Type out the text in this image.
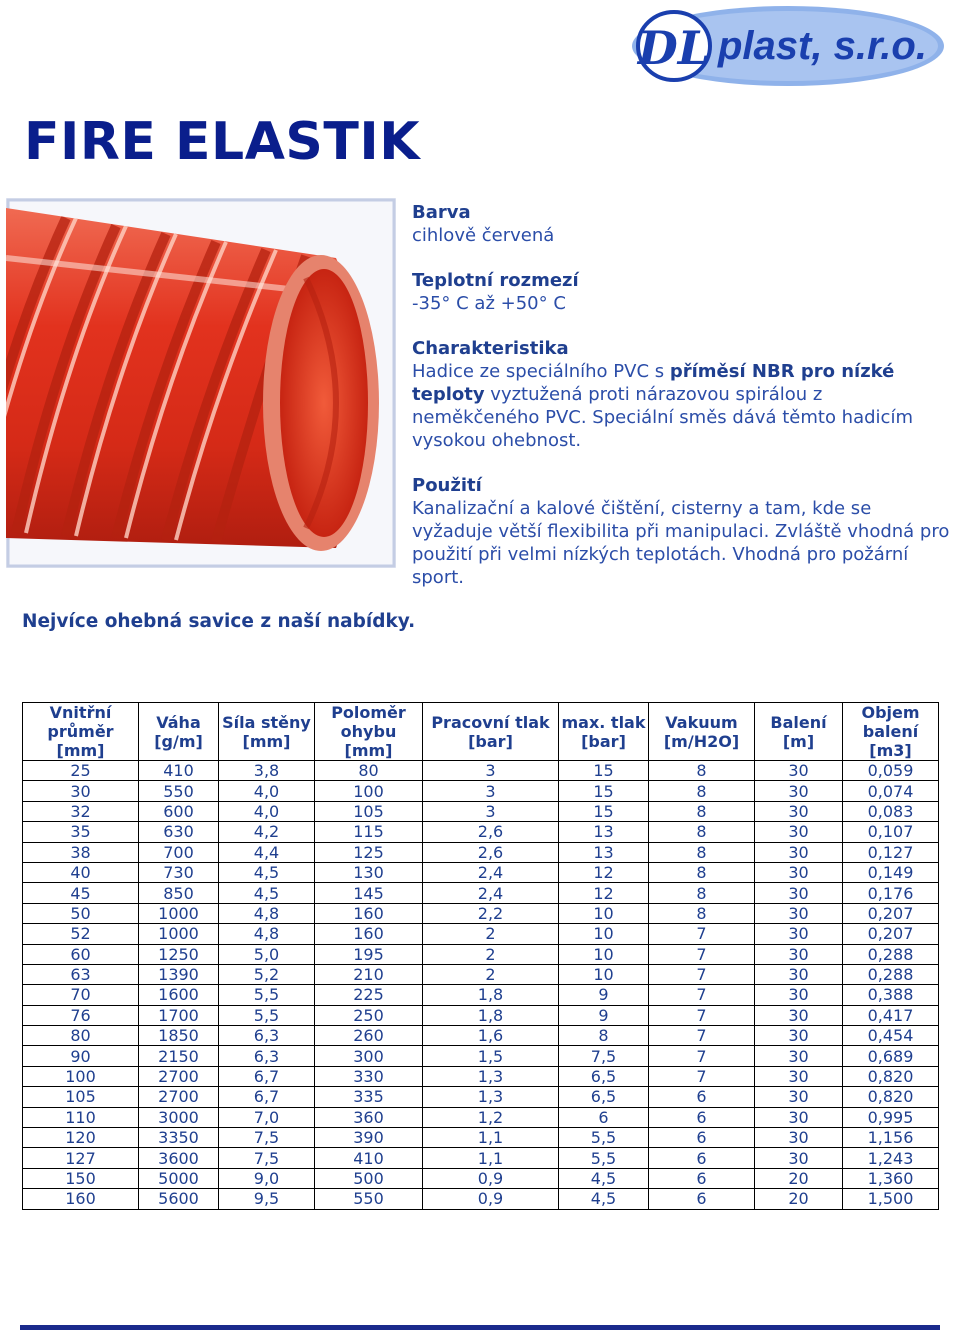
DL plast, s.r.o.
FIRE ELASTIK
Barva
cihlově červená
Teplotní rozmezí
-35° C až +50° C
Charakteristika
Hadice ze speciálního PVC s příměsí NBR pro nízké teploty vyztužená proti nárazovou spirálou z neměkčeného PVC. Speciální směs dává těmto hadicím vysokou ohebnost.
Použití
Kanalizační a kalové čištění, cisterny a tam, kde se vyžaduje větší flexibilita při manipulaci. Zvláště vhodná pro použití při velmi nízkých teplotách. Vhodná pro požární sport.
Nejvíce ohebná savice z naší nabídky.
Vnitřní průměr [mm]	Váha [g/m]	Síla stěny [mm]	Poloměr ohybu [mm]	Pracovní tlak [bar]	max. tlak [bar]	Vakuum [m/H2O]	Balení [m]	Objem balení [m3]
25	410	3,8	80	3	15	8	30	0,059
30	550	4,0	100	3	15	8	30	0,074
32	600	4,0	105	3	15	8	30	0,083
35	630	4,2	115	2,6	13	8	30	0,107
38	700	4,4	125	2,6	13	8	30	0,127
40	730	4,5	130	2,4	12	8	30	0,149
45	850	4,5	145	2,4	12	8	30	0,176
50	1000	4,8	160	2,2	10	8	30	0,207
52	1000	4,8	160	2	10	7	30	0,207
60	1250	5,0	195	2	10	7	30	0,288
63	1390	5,2	210	2	10	7	30	0,288
70	1600	5,5	225	1,8	9	7	30	0,388
76	1700	5,5	250	1,8	9	7	30	0,417
80	1850	6,3	260	1,6	8	7	30	0,454
90	2150	6,3	300	1,5	7,5	7	30	0,689
100	2700	6,7	330	1,3	6,5	7	30	0,820
105	2700	6,7	335	1,3	6,5	6	30	0,820
110	3000	7,0	360	1,2	6	6	30	0,995
120	3350	7,5	390	1,1	5,5	6	30	1,156
127	3600	7,5	410	1,1	5,5	6	30	1,243
150	5000	9,0	500	0,9	4,5	6	20	1,360
160	5600	9,5	550	0,9	4,5	6	20	1,500
